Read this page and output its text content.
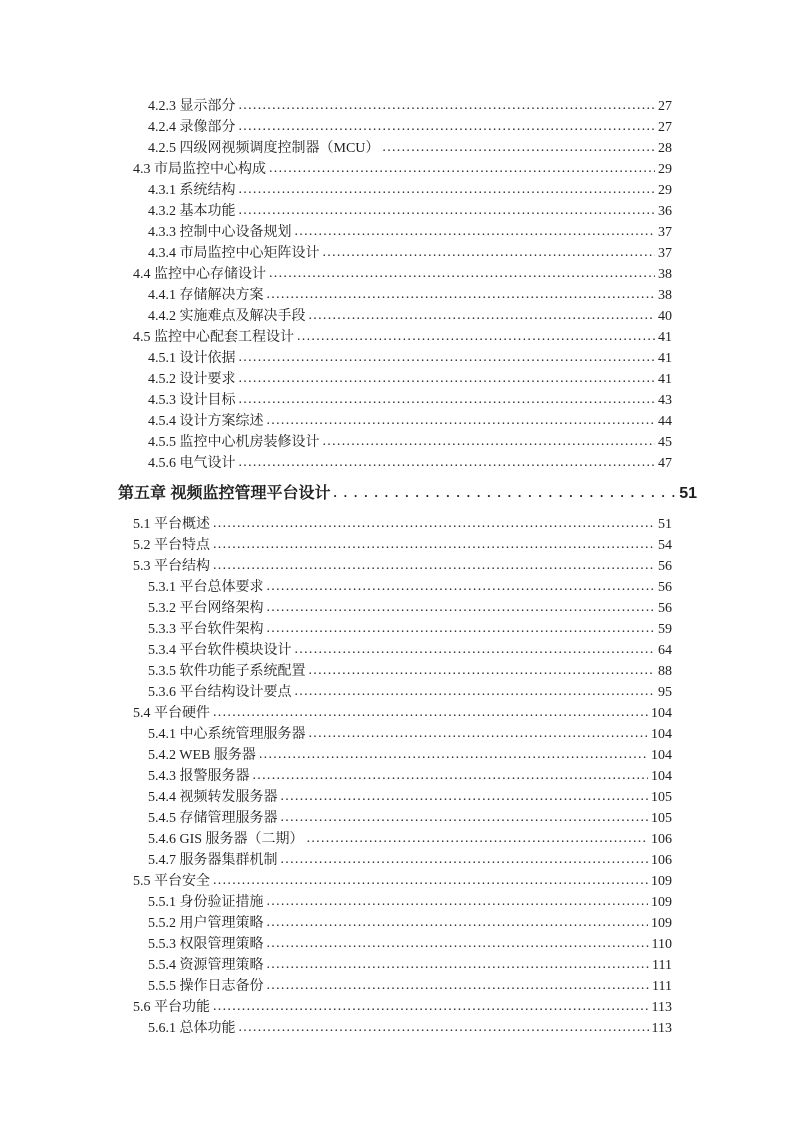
4.2.3 显示部分 .....	27
4.2.4 录像部分 .....	27
4.2.5 四级网视频调度控制器（MCU） .....	28
4.3 市局监控中心构成 .....	29
4.3.1 系统结构 .....	29
4.3.2 基本功能 .....	36
4.3.3 控制中心设备规划 .....	37
4.3.4 市局监控中心矩阵设计 .....	37
4.4 监控中心存储设计 .....	38
4.4.1 存储解决方案 .....	38
4.4.2 实施难点及解决手段 .....	40
4.5 监控中心配套工程设计 .....	41
4.5.1 设计依据 .....	41
4.5.2 设计要求 .....	41
4.5.3 设计目标 .....	43
4.5.4 设计方案综述 .....	44
4.5.5 监控中心机房装修设计 .....	45
4.5.6 电气设计 .....	47
第五章 视频监控管理平台设计 .....	51
5.1 平台概述 .....	51
5.2 平台特点 .....	54
5.3 平台结构 .....	56
5.3.1 平台总体要求 .....	56
5.3.2 平台网络架构 .....	56
5.3.3 平台软件架构 .....	59
5.3.4 平台软件模块设计 .....	64
5.3.5 软件功能子系统配置 .....	88
5.3.6 平台结构设计要点 .....	95
5.4 平台硬件 .....	104
5.4.1 中心系统管理服务器 .....	104
5.4.2 WEB 服务器 .....	104
5.4.3 报警服务器 .....	104
5.4.4 视频转发服务器 .....	105
5.4.5 存储管理服务器 .....	105
5.4.6 GIS 服务器（二期） .....	106
5.4.7 服务器集群机制 .....	106
5.5 平台安全 .....	109
5.5.1 身份验证措施 .....	109
5.5.2 用户管理策略 .....	109
5.5.3 权限管理策略 .....	110
5.5.4 资源管理策略 .....	111
5.5.5 操作日志备份 .....	111
5.6 平台功能 .....	113
5.6.1 总体功能 .....	113
